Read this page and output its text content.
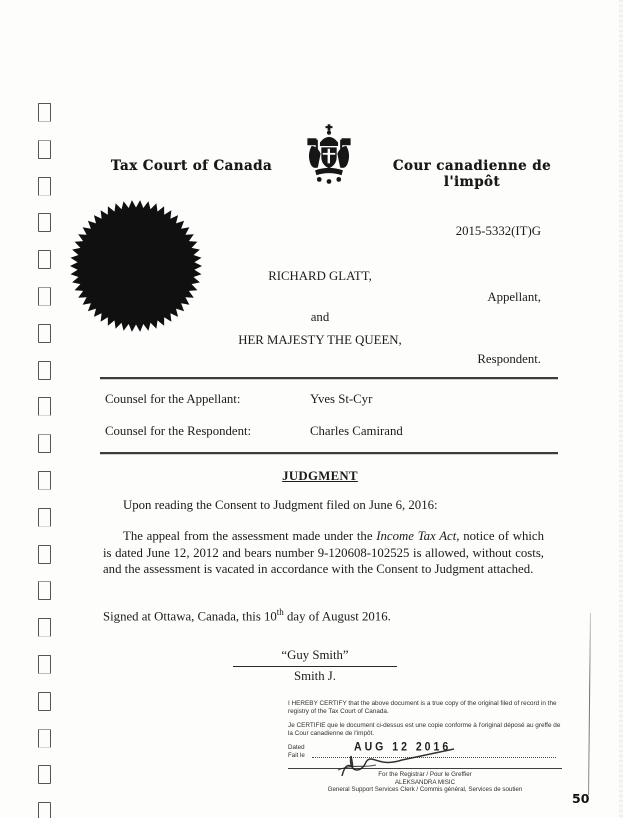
Tax Court of Canada	Cour canadienne de l'impôt
2015-5332(IT)G
RICHARD GLATT,
Appellant,
and
HER MAJESTY THE QUEEN,
Respondent.
Counsel for the Appellant:	Yves St-Cyr
Counsel for the Respondent:	Charles Camirand
JUDGMENT

Upon reading the Consent to Judgment filed on June 6, 2016:

The appeal from the assessment made under the Income Tax Act, notice of which is dated June 12, 2012 and bears number 9-120608-102525 is allowed, without costs, and the assessment is vacated in accordance with the Consent to Judgment attached.

Signed at Ottawa, Canada, this 10th day of August 2016.

“Guy Smith”
Smith J.

I HEREBY CERTIFY that the above document is a true copy of the original filed of record in the registry of the Tax Court of Canada.

Je CERTIFIE que le document ci-dessus est une copie conforme à l'original déposé au greffe de la Cour canadienne de l'impôt.

Dated
Fait le
AUG 12 2016
For the Registrar / Pour le Greffier
ALEKSANDRA MISIC
General Support Services Clerk / Commis général, Services de soutien
50
